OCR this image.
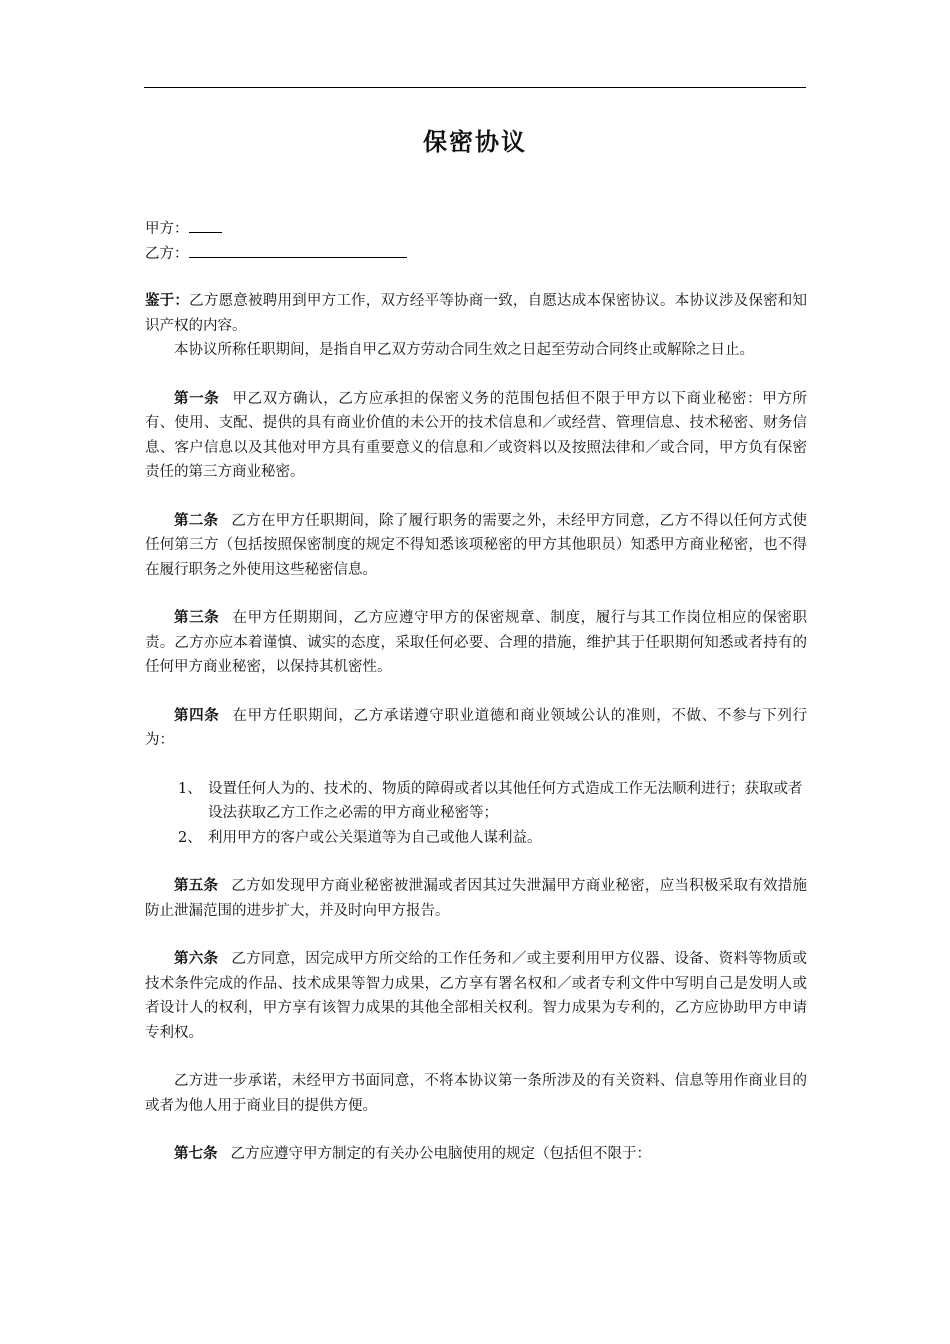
保密协议
甲方：
乙方：

鉴于：乙方愿意被聘用到甲方工作，双方经平等协商一致，自愿达成本保密协议。本协议涉及保密和知识产权的内容。

本协议所称任职期间，是指自甲乙双方劳动合同生效之日起至劳动合同终止或解除之日止。

第一条 甲乙双方确认，乙方应承担的保密义务的范围包括但不限于甲方以下商业秘密：甲方所有、使用、支配、提供的具有商业价值的未公开的技术信息和／或经营、管理信息、技术秘密、财务信息、客户信息以及其他对甲方具有重要意义的信息和／或资料以及按照法律和／或合同，甲方负有保密责任的第三方商业秘密。

第二条 乙方在甲方任职期间，除了履行职务的需要之外，未经甲方同意，乙方不得以任何方式使任何第三方（包括按照保密制度的规定不得知悉该项秘密的甲方其他职员）知悉甲方商业秘密，也不得在履行职务之外使用这些秘密信息。

第三条 在甲方任期期间，乙方应遵守甲方的保密规章、制度，履行与其工作岗位相应的保密职责。乙方亦应本着谨慎、诚实的态度，采取任何必要、合理的措施，维护其于任职期何知悉或者持有的任何甲方商业秘密，以保持其机密性。

第四条 在甲方任职期间，乙方承诺遵守职业道德和商业领域公认的准则，不做、不参与下列行为：

1、 设置任何人为的、技术的、物质的障碍或者以其他任何方式造成工作无法顺利进行；获取或者设法获取乙方工作之必需的甲方商业秘密等；
2、 利用甲方的客户或公关渠道等为自己或他人谋利益。

第五条 乙方如发现甲方商业秘密被泄漏或者因其过失泄漏甲方商业秘密，应当积极采取有效措施防止泄漏范围的进步扩大，并及时向甲方报告。

第六条 乙方同意，因完成甲方所交给的工作任务和／或主要利用甲方仪器、设备、资料等物质或技术条件完成的作品、技术成果等智力成果，乙方享有署名权和／或者专利文件中写明自己是发明人或者设计人的权利，甲方享有该智力成果的其他全部相关权利。智力成果为专利的，乙方应协助甲方申请专利权。

乙方进一步承诺，未经甲方书面同意，不将本协议第一条所涉及的有关资料、信息等用作商业目的或者为他人用于商业目的提供方便。

第七条 乙方应遵守甲方制定的有关办公电脑使用的规定（包括但不限于：
